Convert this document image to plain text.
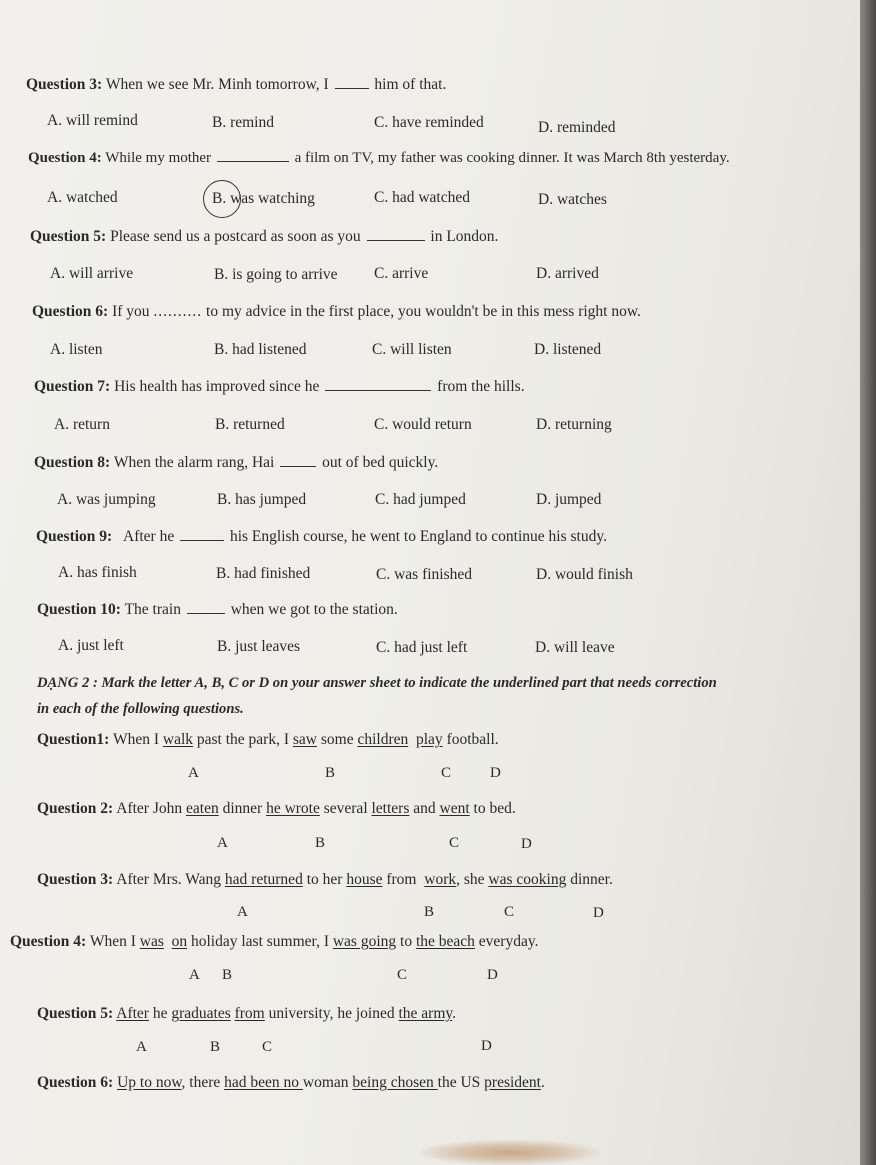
Question 3: When we see Mr. Minh tomorrow, I	him of that.
A. will remind	B. remind	C. have reminded	D. reminded
Question 4: While my mother	a film on TV, my father was cooking dinner. It was March 8th yesterday.
A. watched	B. was watching	C. had watched	D. watches
Question 5: Please send us a postcard as soon as you	in London.
A. will arrive	B. is going to arrive C. arrive	D. arrived
Question 6: If you .......... to my advice in the first place, you wouldn't be in this mess right now.
A. listen	B. had listened	C. will listen	D. listened
Question 7: His health has improved since he	from the hills.
A. return	B. returned	C. would return	D. returning
Question 8: When the alarm rang, Hai	out of bed quickly.
A. was jumping	B. has jumped	C. had jumped	D. jumped
Question 9: After he	his English course, he went to England to continue his study.
A. has finish	B. had finished	C. was finished	D. would finish
Question 10: The train	when we got to the station.
A. just left	B. just leaves	C. had just left	D. will leave
DẠNG 2 : Mark the letter A, B, C or D on your answer sheet to indicate the underlined part that needs correction
in each of the following questions.
Question1: When I walk past the park, I saw some children play football.
A	B	C	D
Question 2: After John eaten dinner he wrote several letters and went to bed.
A	B	C	D
Question 3: After Mrs. Wang had returned to her house from  work, she was cooking dinner.
A	B	C	D
Question 4: When I was on holiday last summer, I was going to the beach everyday.
A B	C	D
Question 5: After he graduates from university, he joined the army.
A	B	C	D
Question 6: Up to now, there had been no woman being chosen the US president.
